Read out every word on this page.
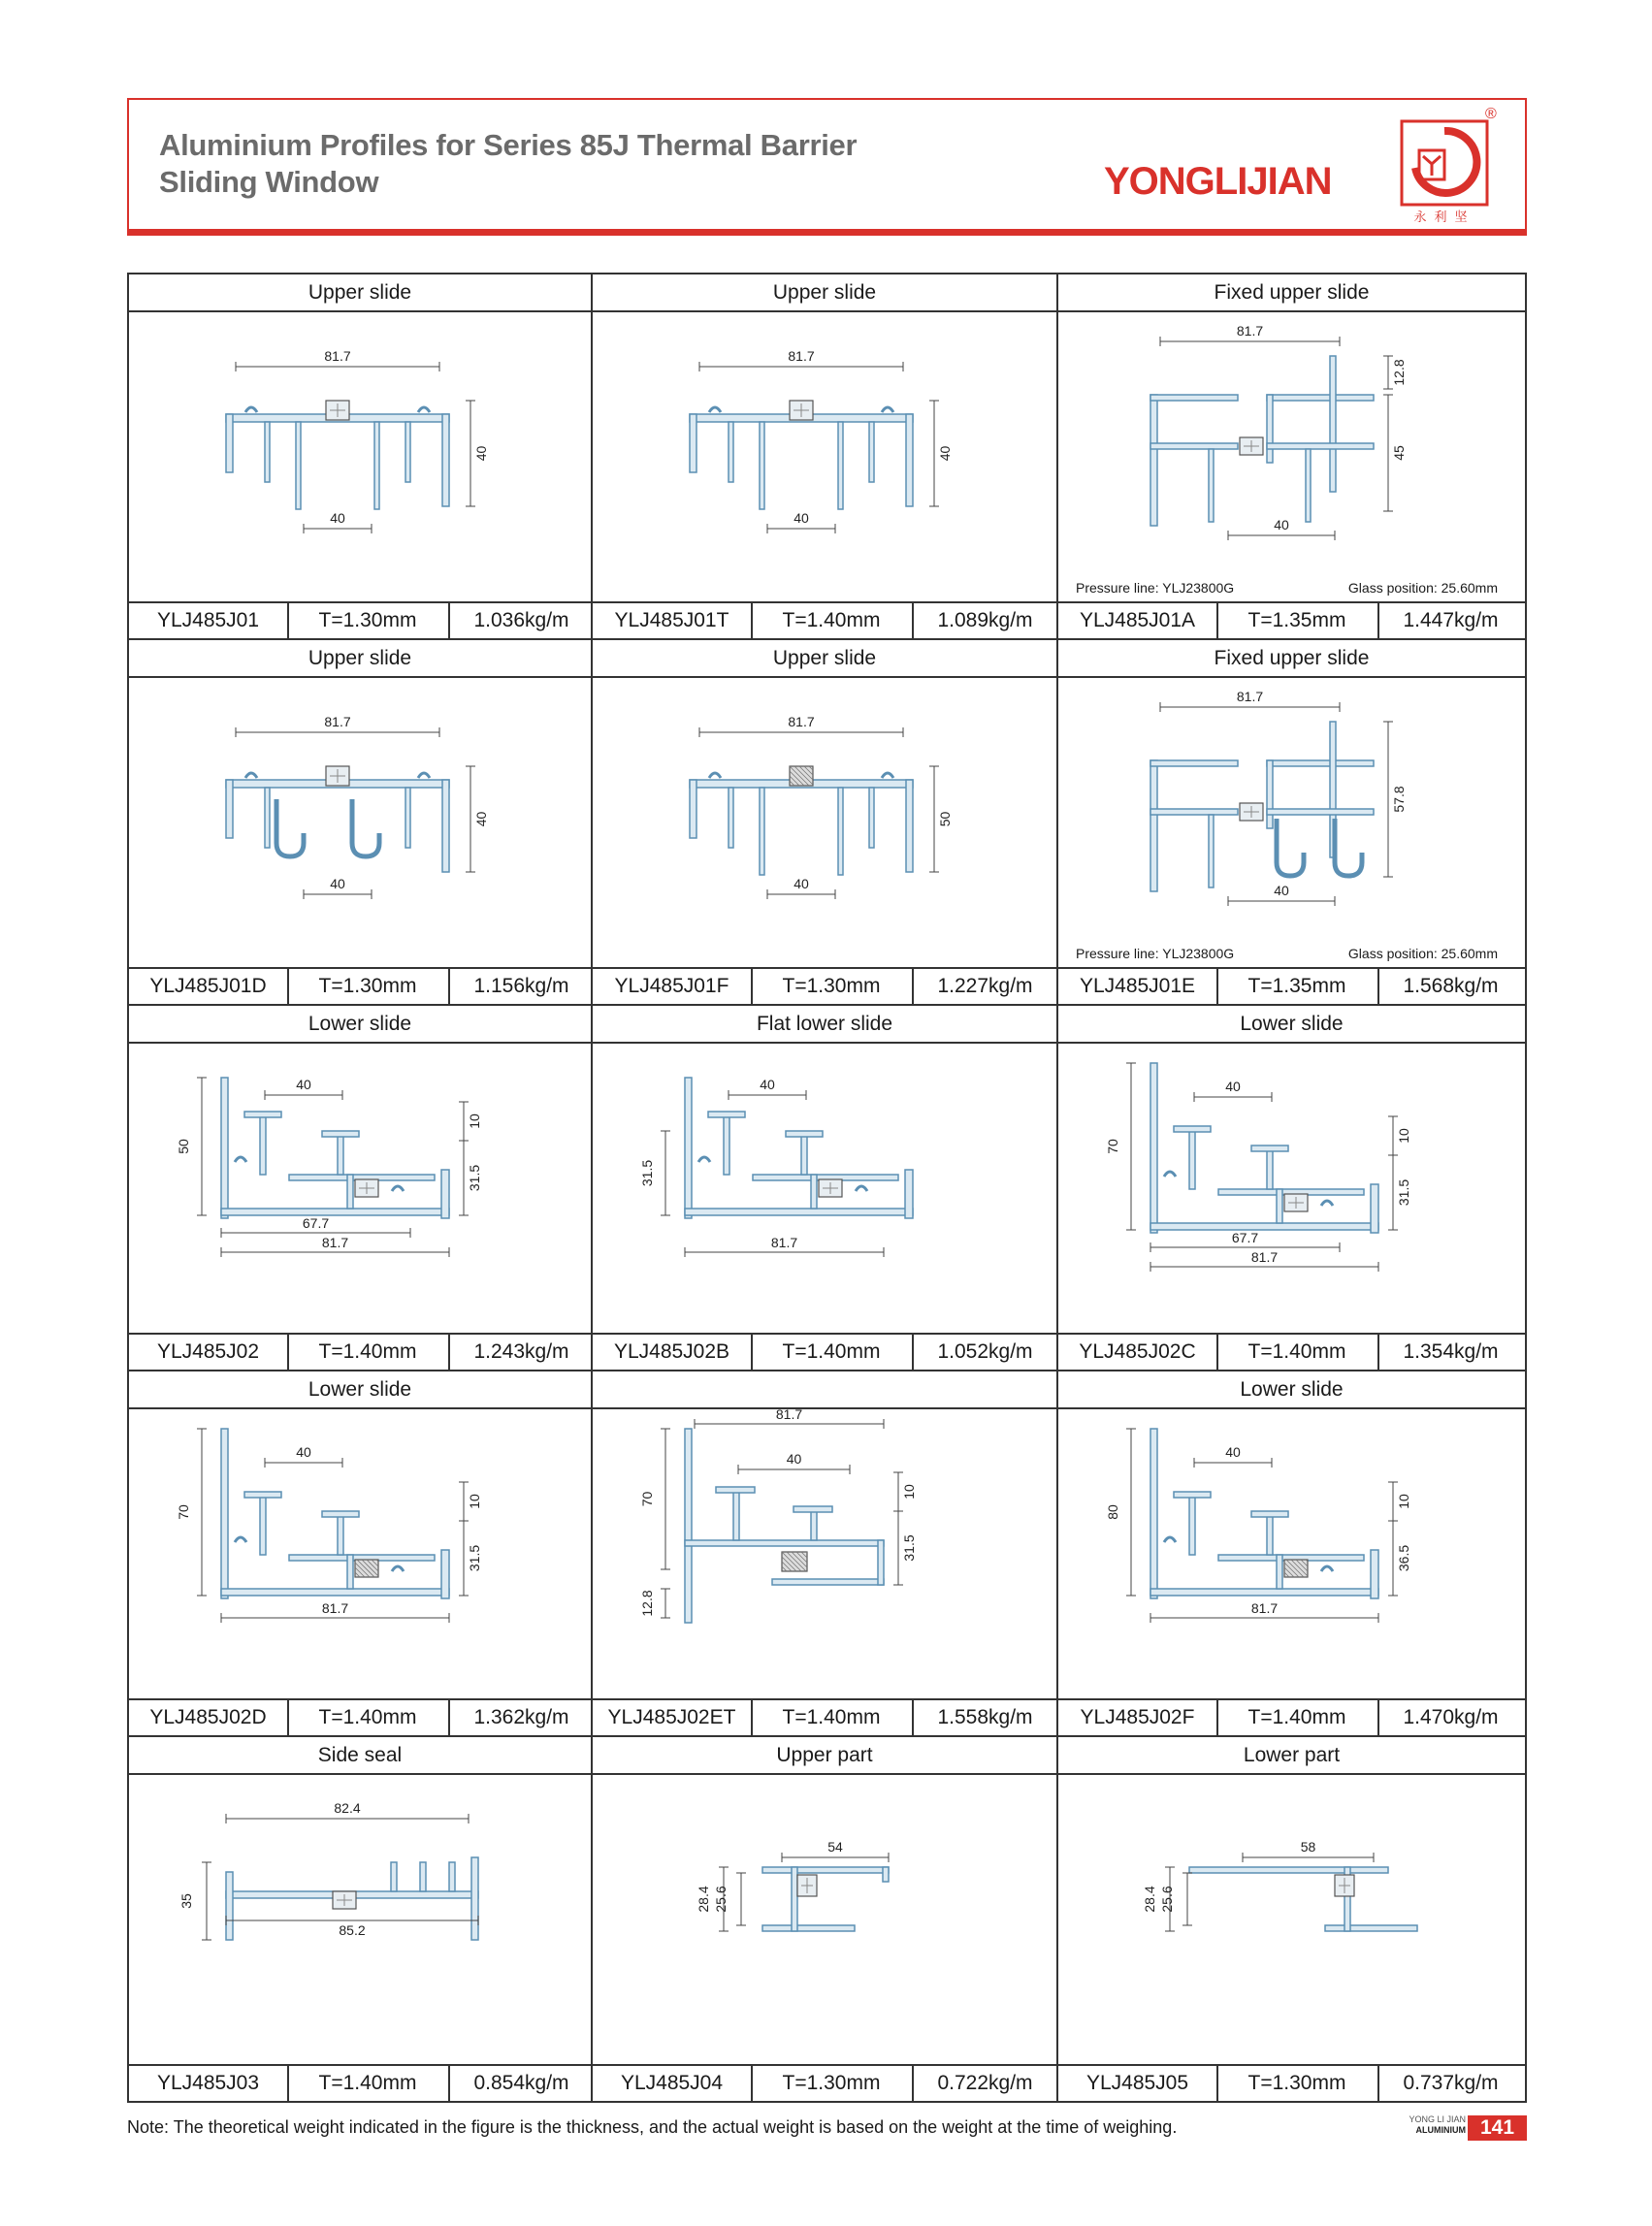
Aluminium Profiles for Series 85J Thermal Barrier
Sliding Window	YONGLIJIAN
永利坚
®
Upper slide
81.7
40
40
YLJ485J01	T=1.30mm	1.036kg/m
Upper slide
81.7
40
40
YLJ485J01T	T=1.40mm	1.089kg/m
Fixed upper slide
81.7
40
12.8
45
Pressure line: YLJ23800G	Glass position: 25.60mm
YLJ485J01A	T=1.35mm	1.447kg/m
Upper slide
81.7
40
40
YLJ485J01D	T=1.30mm	1.156kg/m
Upper slide
81.7
40
50
YLJ485J01F	T=1.30mm	1.227kg/m
Fixed upper slide
81.7
40
57.8
Pressure line: YLJ23800G	Glass position: 25.60mm
YLJ485J01E	T=1.35mm	1.568kg/m
Lower slide
40
50
10
31.5
67.7
81.7
YLJ485J02	T=1.40mm	1.243kg/m
Flat lower slide
40
81.7
31.5
YLJ485J02B	T=1.40mm	1.052kg/m
Lower slide
40
70
10
31.5
67.7
81.7
YLJ485J02C	T=1.40mm	1.354kg/m
Lower slide
40
70
10
31.5
81.7
YLJ485J02D	T=1.40mm	1.362kg/m
81.7
40
70	10
31.5
12.8
YLJ485J02ET	T=1.40mm	1.558kg/m
Lower slide
40
80
10
36.5
81.7
YLJ485J02F	T=1.40mm	1.470kg/m
Side seal
82.4
35
85.2
YLJ485J03	T=1.40mm	0.854kg/m
Upper part
54
28.4 25.6
YLJ485J04	T=1.30mm	0.722kg/m
Lower part
58
28.4 25.6
YLJ485J05	T=1.30mm	0.737kg/m
Note: The theoretical weight indicated in the figure is the thickness, and the actual weight is based on the weight at the time of weighing.	YONG LI JIAN
ALUMINIUM 141
